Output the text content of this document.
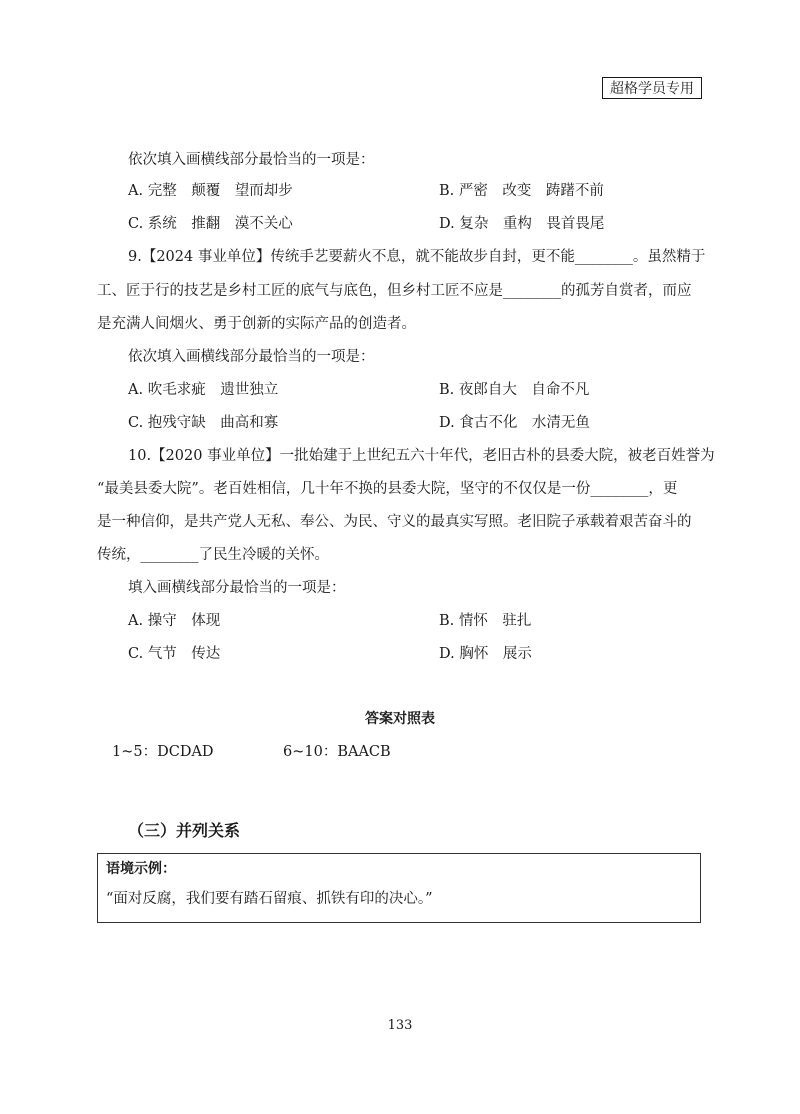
超格学员专用
依次填入画横线部分最恰当的一项是：
A. 完整　颠覆　望而却步	B. 严密　改变　踌躇不前
C. 系统　推翻　漠不关心	D. 复杂　重构　畏首畏尾
9.【2024 事业单位】传统手艺要薪火不息，就不能故步自封，更不能________。虽然精于
工、匠于行的技艺是乡村工匠的底气与底色，但乡村工匠不应是________的孤芳自赏者，而应
是充满人间烟火、勇于创新的实际产品的创造者。
依次填入画横线部分最恰当的一项是：
A. 吹毛求疵　遗世独立	B. 夜郎自大　自命不凡
C. 抱残守缺　曲高和寡	D. 食古不化　水清无鱼
10.【2020 事业单位】一批始建于上世纪五六十年代，老旧古朴的县委大院，被老百姓誉为
“最美县委大院”。老百姓相信，几十年不换的县委大院，坚守的不仅仅是一份________，更
是一种信仰，是共产党人无私、奉公、为民、守义的最真实写照。老旧院子承载着艰苦奋斗的
传统，________了民生冷暖的关怀。
填入画横线部分最恰当的一项是：
A. 操守　体现	B. 情怀　驻扎
C. 气节　传达	D. 胸怀　展示
答案对照表
1~5：DCDAD	6~10：BAACB
（三）并列关系
语境示例：
“面对反腐，我们要有踏石留痕、抓铁有印的决心。”
133
